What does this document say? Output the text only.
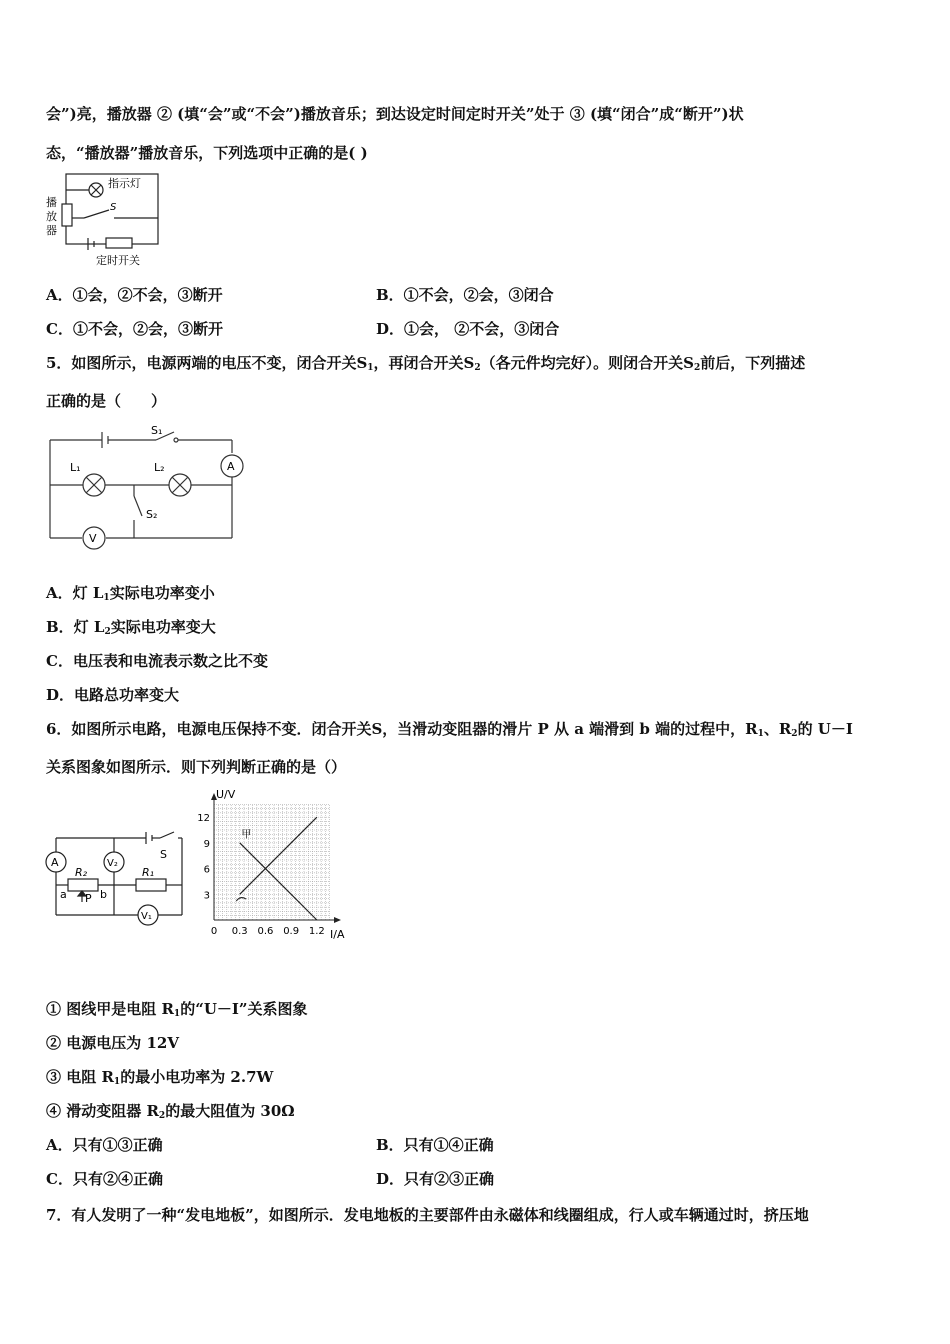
会”)亮，播放器 ② (填“会”或“不会”)播放音乐；到达设定时间定时开关”处于 ③ (填“闭合”成“断开”)状
态，“播放器”播放音乐，下列选项中正确的是( )
指示灯
播
放
器
S
定时开关
A．①会，②不会，③断开	B．①不会，②会，③闭合
C．①不会，②会，③断开	D．①会， ②不会，③闭合
5．如图所示，电源两端的电压不变，闭合开关$S_1$，再闭合开关$S_2$（各元件均完好）。则闭合开关$S_2$前后，下列描述
正确的是（　　）
S₁
A
L₁	L₂
S₂
V
A．灯 $L_1$实际电功率变小
B．灯 $L_2$实际电功率变大
C．电压表和电流表示数之比不变
D．电路总功率变大
6．如图所示电路，电源电压保持不变．闭合开关S，当滑动变阻器的滑片 P 从 a 端滑到 b 端的过程中，$R_1$、$R_2$的 U－I
关系图象如图所示．则下列判断正确的是（）
A	V₂
V₁
R₂	R₁
S
a	b
P
0 0.3 0.6 0.9 1.2
3
6
9
12
U/V
I/A
甲
① 图线甲是电阻 $R_1$的“U－I”关系图象
② 电源电压为 12V
③ 电阻 $R_1$的最小电功率为 2.7W
④ 滑动变阻器 $R_2$的最大阻值为 30Ω
A．只有①③正确	B．只有①④正确
C．只有②④正确	D．只有②③正确
7．有人发明了一种“发电地板”，如图所示．发电地板的主要部件由永磁体和线圈组成，行人或车辆通过时，挤压地
